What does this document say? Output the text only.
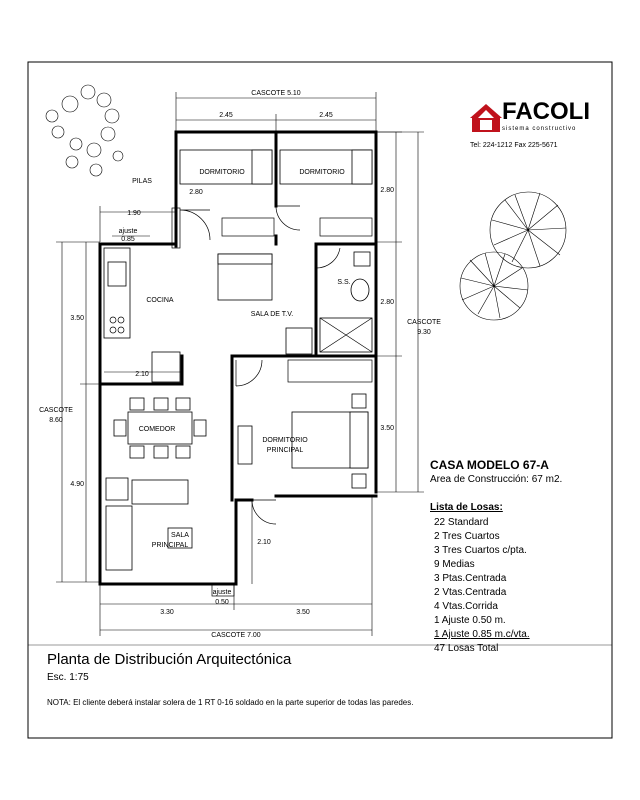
CASCOTE 5.10
2.45	2.45
2.80
2.80
3.50
CASCOTE
9.30
CASCOTE
8.60
3.50
4.90
3.30	3.50
CASCOTE 7.00
1.90
ajuste
0.85
2.80
2.10
2.10
ajuste
0.50
DORMITORIO	DORMITORIO
PILAS
S.S.
SALA DE T.V.
COCINA
COMEDOR
DORMITORIO
PRINCIPAL
SALA
PRINCIPAL
FACOLI
sistema constructivo
Tel: 224-1212 Fax 225-5671
CASA MODELO 67-A
Area de Construcción: 67 m2.
Lista de Losas:
22 Standard
2 Tres Cuartos
3 Tres Cuartos c/pta.
9 Medias
3 Ptas.Centrada
2 Vtas.Centrada
4 Vtas.Corrida
1 Ajuste 0.50 m.
1 Ajuste 0.85 m.c/vta.
47 Losas Total
Planta de Distribución Arquitectónica
Esc. 1:75
NOTA: El cliente deberá instalar solera de 1 RT 0-16 soldado en la parte superior de todas las paredes.
